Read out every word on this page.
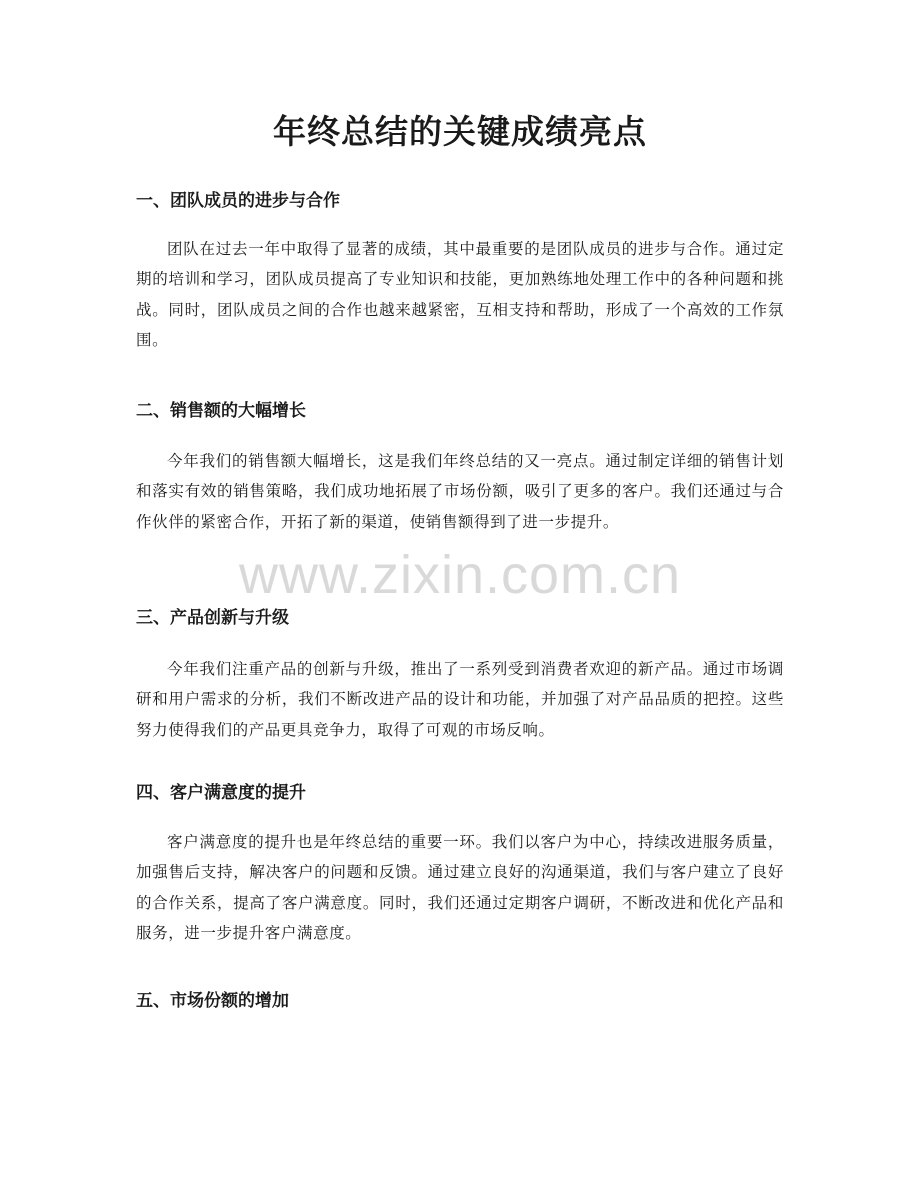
年终总结的关键成绩亮点
一、团队成员的进步与合作

团队在过去一年中取得了显著的成绩，其中最重要的是团队成员的进步与合作。通过定期的培训和学习，团队成员提高了专业知识和技能，更加熟练地处理工作中的各种问题和挑战。同时，团队成员之间的合作也越来越紧密，互相支持和帮助，形成了一个高效的工作氛围。

二、销售额的大幅增长

今年我们的销售额大幅增长，这是我们年终总结的又一亮点。通过制定详细的销售计划和落实有效的销售策略，我们成功地拓展了市场份额，吸引了更多的客户。我们还通过与合作伙伴的紧密合作，开拓了新的渠道，使销售额得到了进一步提升。

三、产品创新与升级

今年我们注重产品的创新与升级，推出了一系列受到消费者欢迎的新产品。通过市场调研和用户需求的分析，我们不断改进产品的设计和功能，并加强了对产品品质的把控。这些努力使得我们的产品更具竞争力，取得了可观的市场反响。

四、客户满意度的提升

客户满意度的提升也是年终总结的重要一环。我们以客户为中心，持续改进服务质量，加强售后支持，解决客户的问题和反馈。通过建立良好的沟通渠道，我们与客户建立了良好的合作关系，提高了客户满意度。同时，我们还通过定期客户调研，不断改进和优化产品和服务，进一步提升客户满意度。

五、市场份额的增加
www.zixin.com.cn
